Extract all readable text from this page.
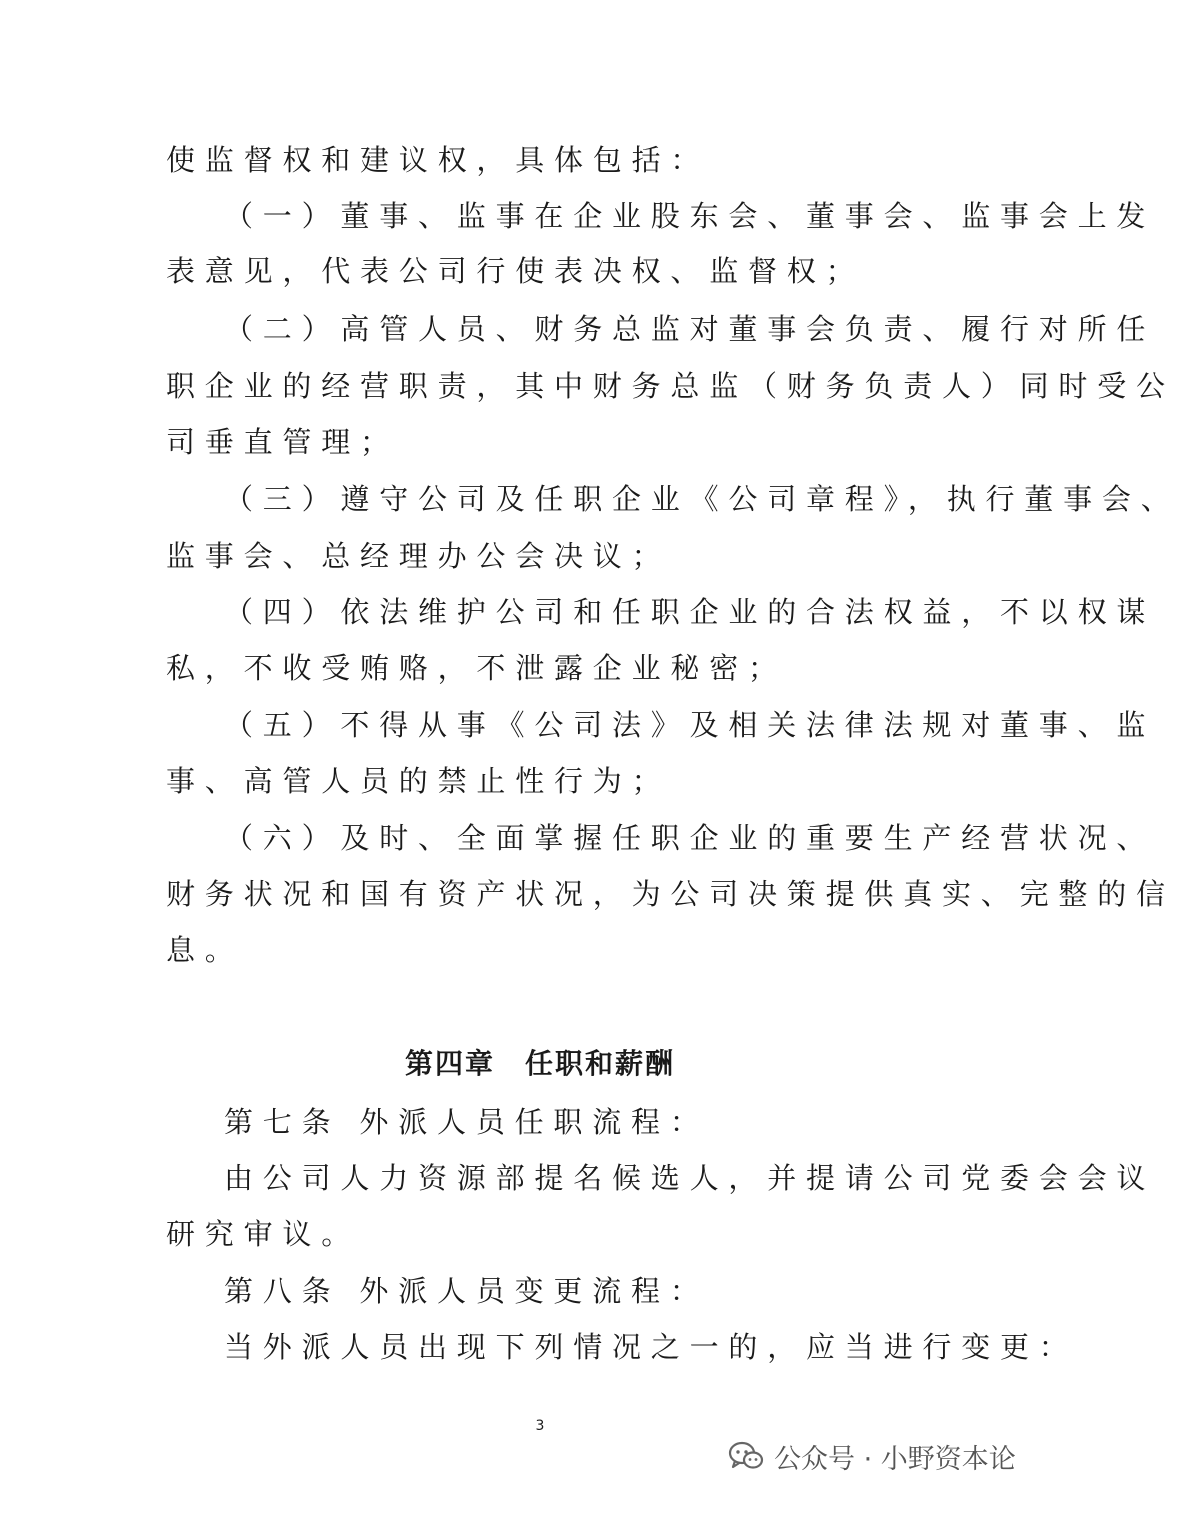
使监督权和建议权，具体包括：
（一）董事、监事在企业股东会、董事会、监事会上发
表意见，代表公司行使表决权、监督权；
（二）高管人员、财务总监对董事会负责、履行对所任
职企业的经营职责，其中财务总监（财务负责人）同时受公
司垂直管理；
（三）遵守公司及任职企业《公司章程》，执行董事会、
监事会、总经理办公会决议；
（四）依法维护公司和任职企业的合法权益，不以权谋
私，不收受贿赂，不泄露企业秘密；
（五）不得从事《公司法》及相关法律法规对董事、监
事、高管人员的禁止性行为；
（六）及时、全面掌握任职企业的重要生产经营状况、
财务状况和国有资产状况，为公司决策提供真实、完整的信
息。
第四章　任职和薪酬
第七条 外派人员任职流程：
由公司人力资源部提名候选人，并提请公司党委会会议
研究审议。
第八条 外派人员变更流程：
当外派人员出现下列情况之一的，应当进行变更：
3
公众号 · 小野资本论
